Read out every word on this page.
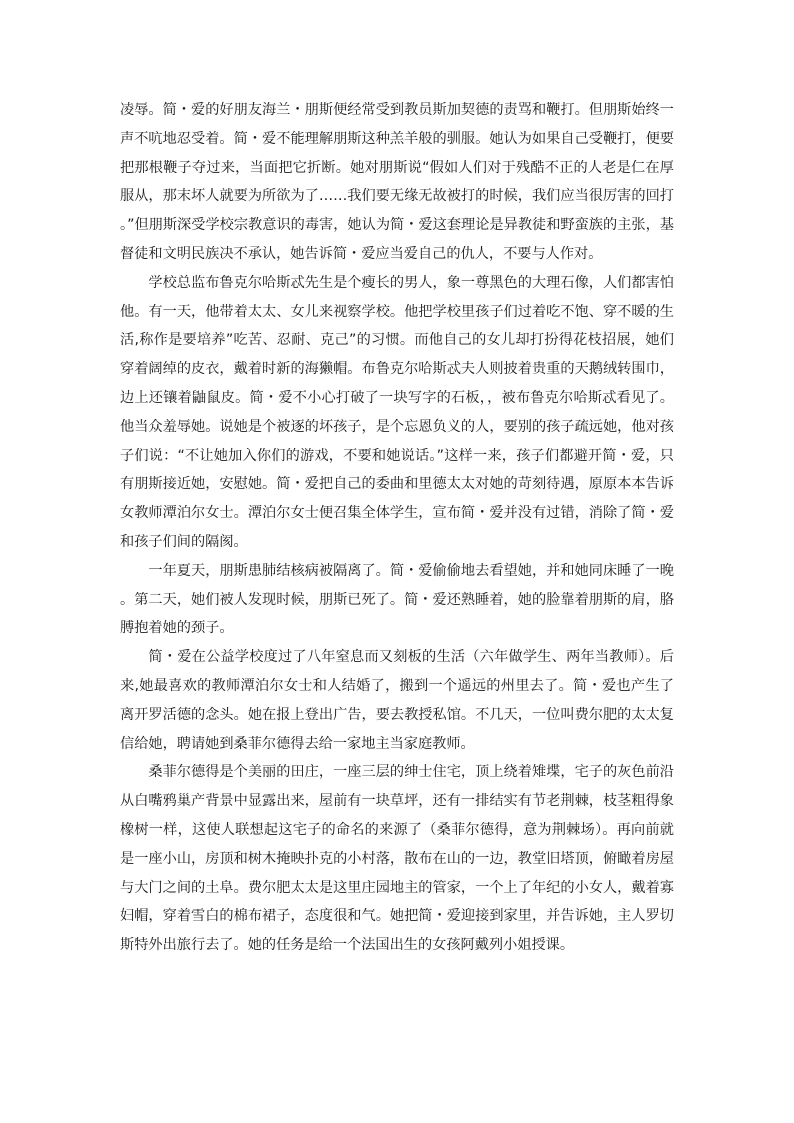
凌辱。简・爱的好朋友海兰・朋斯便经常受到教员斯加契德的责骂和鞭打。但朋斯始终一声不吭地忍受着。简・爱不能理解朋斯这种羔羊般的驯服。她认为如果自己受鞭打，便要把那根鞭子夺过来，当面把它折断。她对朋斯说“假如人们对于残酷不正的人老是仁在厚服从，那末坏人就要为所欲为了……我们要无缘无故被打的时候，我们应当很厉害的回打。”但朋斯深受学校宗教意识的毒害，她认为简・爱这套理论是异教徒和野蛮族的主张，基督徒和文明民族决不承认，她告诉简・爱应当爱自己的仇人，不要与人作对。

学校总监布鲁克尔哈斯忒先生是个瘦长的男人，象一尊黑色的大理石像，人们都害怕他。有一天，他带着太太、女儿来视察学校。他把学校里孩子们过着吃不饱、穿不暖的生活,称作是要培养”吃苦、忍耐、克己”的习惯。而他自己的女儿却打扮得花枝招展，她们穿着阔绰的皮衣，戴着时新的海獭帽。布鲁克尔哈斯忒夫人则披着贵重的天鹅绒转围巾，边上还镶着鼬鼠皮。简・爱不小心打破了一块写字的石板，，被布鲁克尔哈斯忒看见了。他当众羞辱她。说她是个被逐的坏孩子，是个忘恩负义的人，要别的孩子疏远她，他对孩子们说：“不让她加入你们的游戏，不要和她说话。”这样一来，孩子们都避开简・爱，只有朋斯接近她，安慰她。简・爱把自己的委曲和里德太太对她的苛刻待遇，原原本本告诉女教师潭泊尔女士。潭泊尔女士便召集全体学生，宣布简・爱并没有过错，消除了简・爱和孩子们间的隔阂。

一年夏天，朋斯患肺结核病被隔离了。简・爱偷偷地去看望她，并和她同床睡了一晚。第二天，她们被人发现时候，朋斯已死了。简・爱还熟睡着，她的脸靠着朋斯的肩，胳膊抱着她的颈子。

简・爱在公益学校度过了八年窒息而又刻板的生活（六年做学生、两年当教师）。后来,她最喜欢的教师潭泊尔女士和人结婚了，搬到一个遥远的州里去了。简・爱也产生了离开罗活德的念头。她在报上登出广告，要去教授私馆。不几天，一位叫费尔肥的太太复信给她，聘请她到桑菲尔德得去给一家地主当家庭教师。

桑菲尔德得是个美丽的田庄，一座三层的绅士住宅，顶上绕着雉堞，宅子的灰色前沿从白嘴鸦巢产背景中显露出来，屋前有一块草坪，还有一排结实有节老荆棘，枝茎粗得象橡树一样，这使人联想起这宅子的命名的来源了（桑菲尔德得，意为荆棘场）。再向前就是一座小山，房顶和树木掩映扑克的小村落，散布在山的一边，教堂旧塔顶，俯瞰着房屋与大门之间的土阜。费尔肥太太是这里庄园地主的管家，一个上了年纪的小女人，戴着寡妇帽，穿着雪白的棉布裙子，态度很和气。她把简・爱迎接到家里，并告诉她，主人罗切斯特外出旅行去了。她的任务是给一个法国出生的女孩阿戴列小姐授课。
